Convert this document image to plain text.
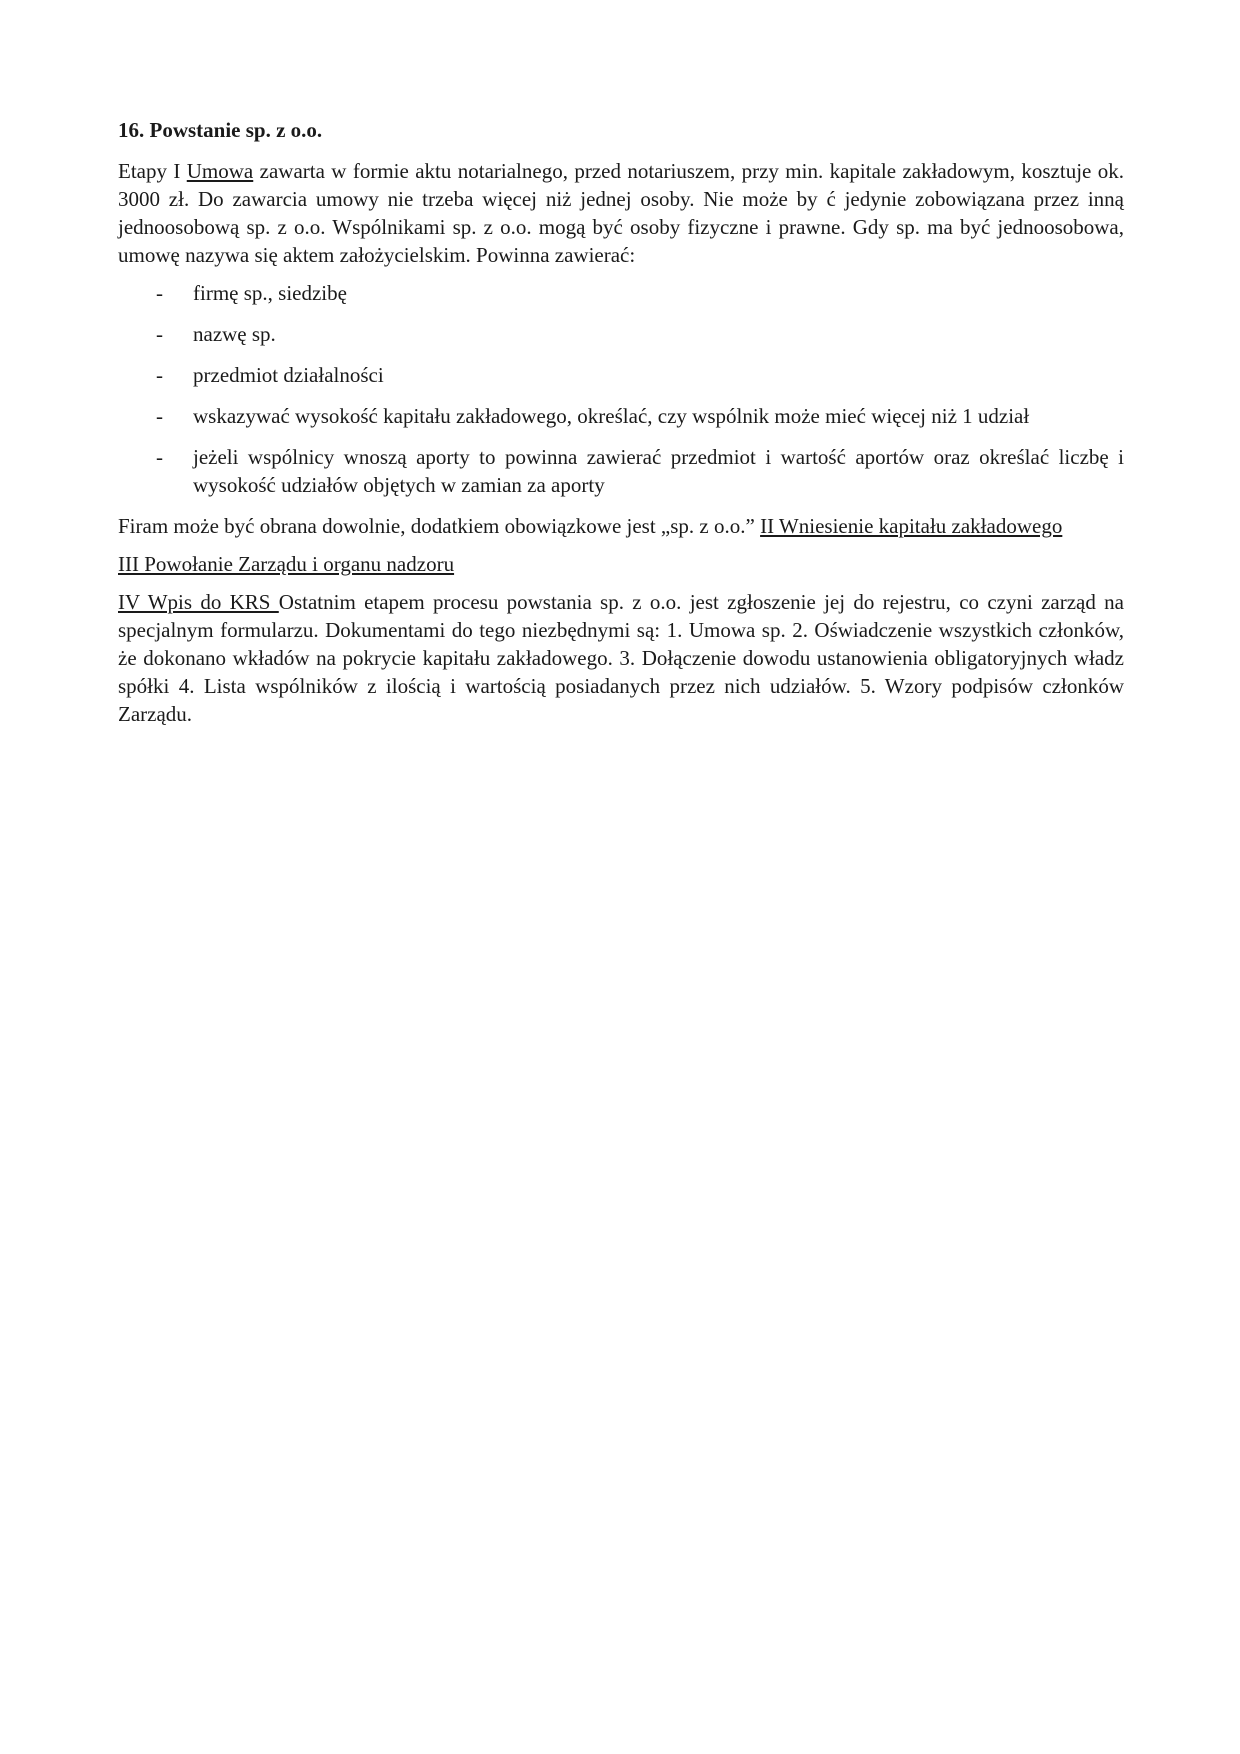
16. Powstanie sp. z o.o.

Etapy I Umowa zawarta w formie aktu notarialnego, przed notariuszem, przy min. kapitale zakładowym, kosztuje ok. 3000 zł. Do zawarcia umowy nie trzeba więcej niż jednej osoby. Nie może by ć jedynie zobowiązana przez inną jednoosobową sp. z o.o. Wspólnikami sp. z o.o. mogą być osoby fizyczne i prawne. Gdy sp. ma być jednoosobowa, umowę nazywa się aktem założycielskim. Powinna zawierać:

- firmę sp., siedzibę
- nazwę sp.
- przedmiot działalności
- wskazywać wysokość kapitału zakładowego, określać, czy wspólnik może mieć więcej niż 1 udział
- jeżeli wspólnicy wnoszą aporty to powinna zawierać przedmiot i wartość aportów oraz określać liczbę i wysokość udziałów objętych w zamian za aporty

Firam może być obrana dowolnie, dodatkiem obowiązkowe jest „sp. z o.o.” II Wniesienie kapitału zakładowego

III Powołanie Zarządu i organu nadzoru

IV Wpis do KRS Ostatnim etapem procesu powstania sp. z o.o. jest zgłoszenie jej do rejestru, co czyni zarząd na specjalnym formularzu. Dokumentami do tego niezbędnymi są: 1. Umowa sp. 2. Oświadczenie wszystkich członków, że dokonano wkładów na pokrycie kapitału zakładowego. 3. Dołączenie dowodu ustanowienia obligatoryjnych władz spółki 4. Lista wspólników z ilością i wartością posiadanych przez nich udziałów. 5. Wzory podpisów członków Zarządu.
